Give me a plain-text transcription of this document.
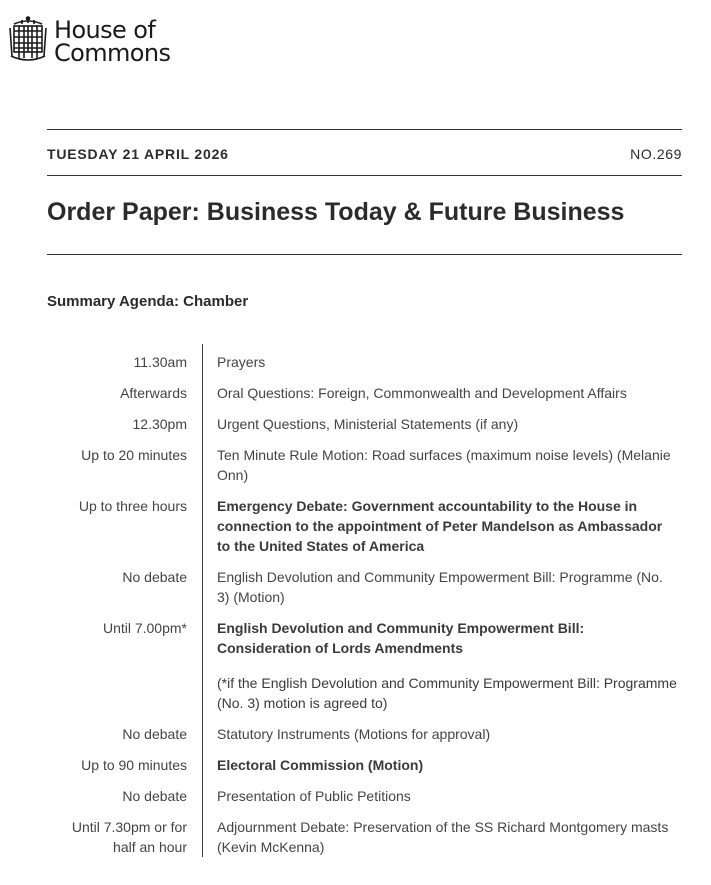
House of
Commons
TUESDAY 21 APRIL 2026	NO.269
Order Paper: Business Today & Future Business
Summary Agenda: Chamber
11.30am Prayers
Afterwards Oral Questions: Foreign, Commonwealth and Development Affairs
12.30pm Urgent Questions, Ministerial Statements (if any)
Up to 20 minutes Ten Minute Rule Motion: Road surfaces (maximum noise levels) (Melanie Onn)
Up to three hours Emergency Debate: Government accountability to the House in connection to the appointment of Peter Mandelson as Ambassador to the United States of America
No debate English Devolution and Community Empowerment Bill: Programme (No. 3) (Motion)
Until 7.00pm* English Devolution and Community Empowerment Bill: Consideration of Lords Amendments
(*if the English Devolution and Community Empowerment Bill: Programme (No. 3) motion is agreed to)
No debate Statutory Instruments (Motions for approval)
Up to 90 minutes Electoral Commission (Motion)
No debate Presentation of Public Petitions
Until 7.30pm or for half an hour
Adjournment Debate: Preservation of the SS Richard Montgomery masts (Kevin McKenna)
